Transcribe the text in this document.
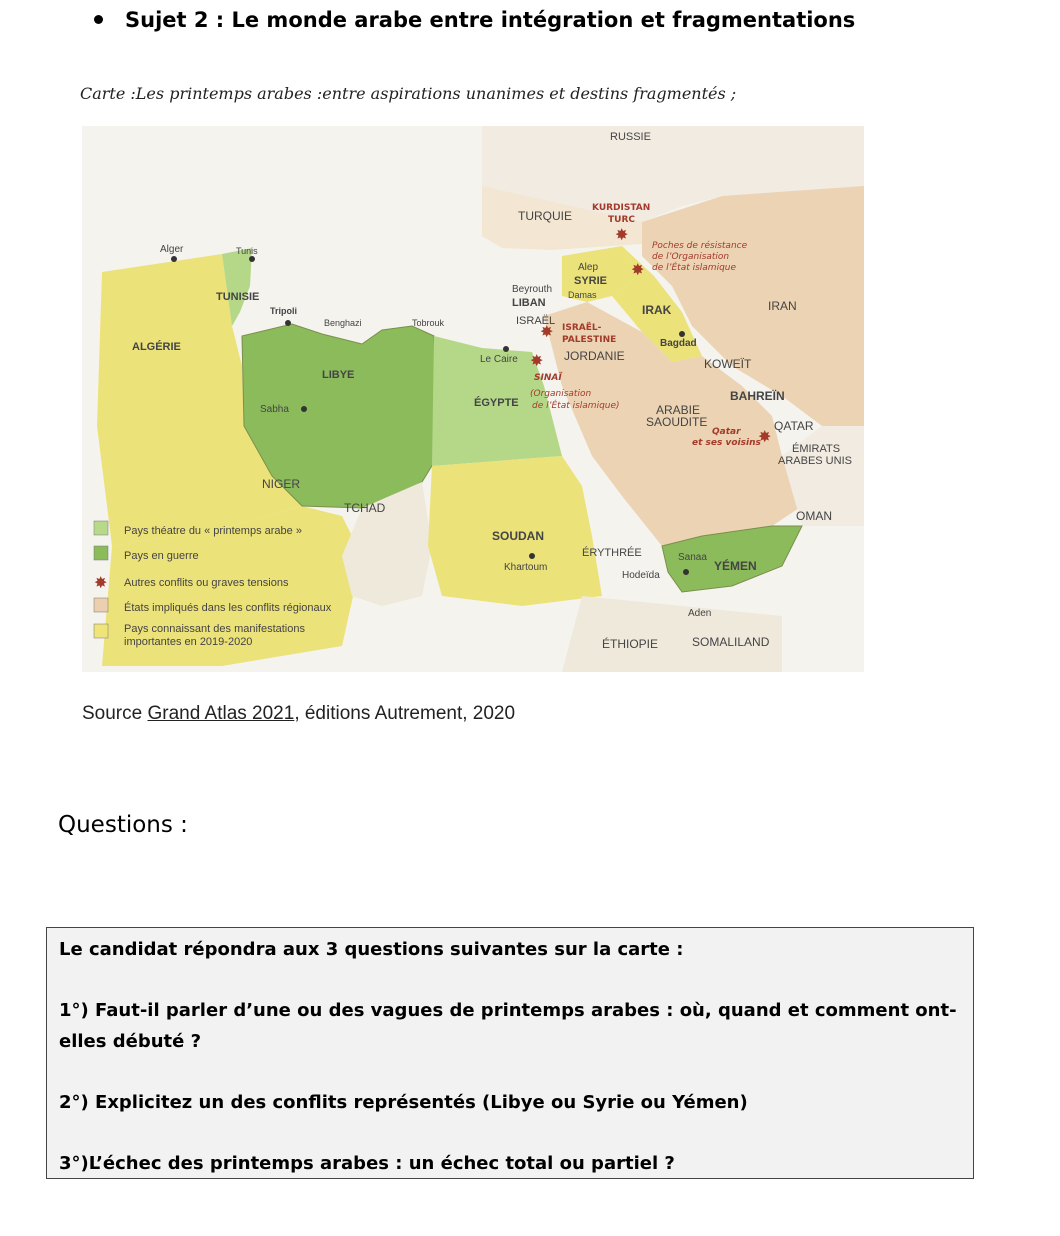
Sujet 2 : Le monde arabe entre intégration et fragmentations
Carte :Les printemps arabes :entre aspirations unanimes et destins fragmentés ;
✸
✸
✸
✸
✸
RUSSIE
KURDISTAN
TURC
TURQUIE
Poches de résistance
de l’Organisation
de l’État islamique
Alep
SYRIE
Damas
Beyrouth
LIBAN
ISRAËL
ISRAËL-
PALESTINE
JORDANIE
IRAK
Bagdad
IRAN
KOWEÏT
BAHREÏN
QATAR
Qatar
et ses voisins	ÉMIRATS
ARABES UNIS
OMAN
ARABIE
SAOUDITE
YÉMEN
Sanaa
Hodeïda
Aden
SOMALILAND
ÉTHIOPIE
ÉRYTHRÉE
SOUDAN
Khartoum
Le Caire
SINAÏ
(Organisation
de l’État islamique)
ÉGYPTE
TCHAD
NIGER
LIBYE
Sabha
Benghazi	Tobrouk
Tripoli
TUNISIE
Tunis
Alger
ALGÉRIE
Pays théatre du « printemps arabe »
Pays en guerre
✸ Autres conflits ou graves tensions
États impliqués dans les conflits régionaux
Pays connaissant des manifestations
importantes en 2019-2020
Source Grand Atlas 2021, éditions Autrement, 2020
Questions :

Le candidat répondra aux 3 questions suivantes sur la carte :

1°) Faut-il parler d’une ou des vagues de printemps arabes : où, quand et comment ont-elles débuté ?

2°) Explicitez un des conflits représentés (Libye ou Syrie ou Yémen)

3°)L’échec des printemps arabes : un échec total ou partiel ?
